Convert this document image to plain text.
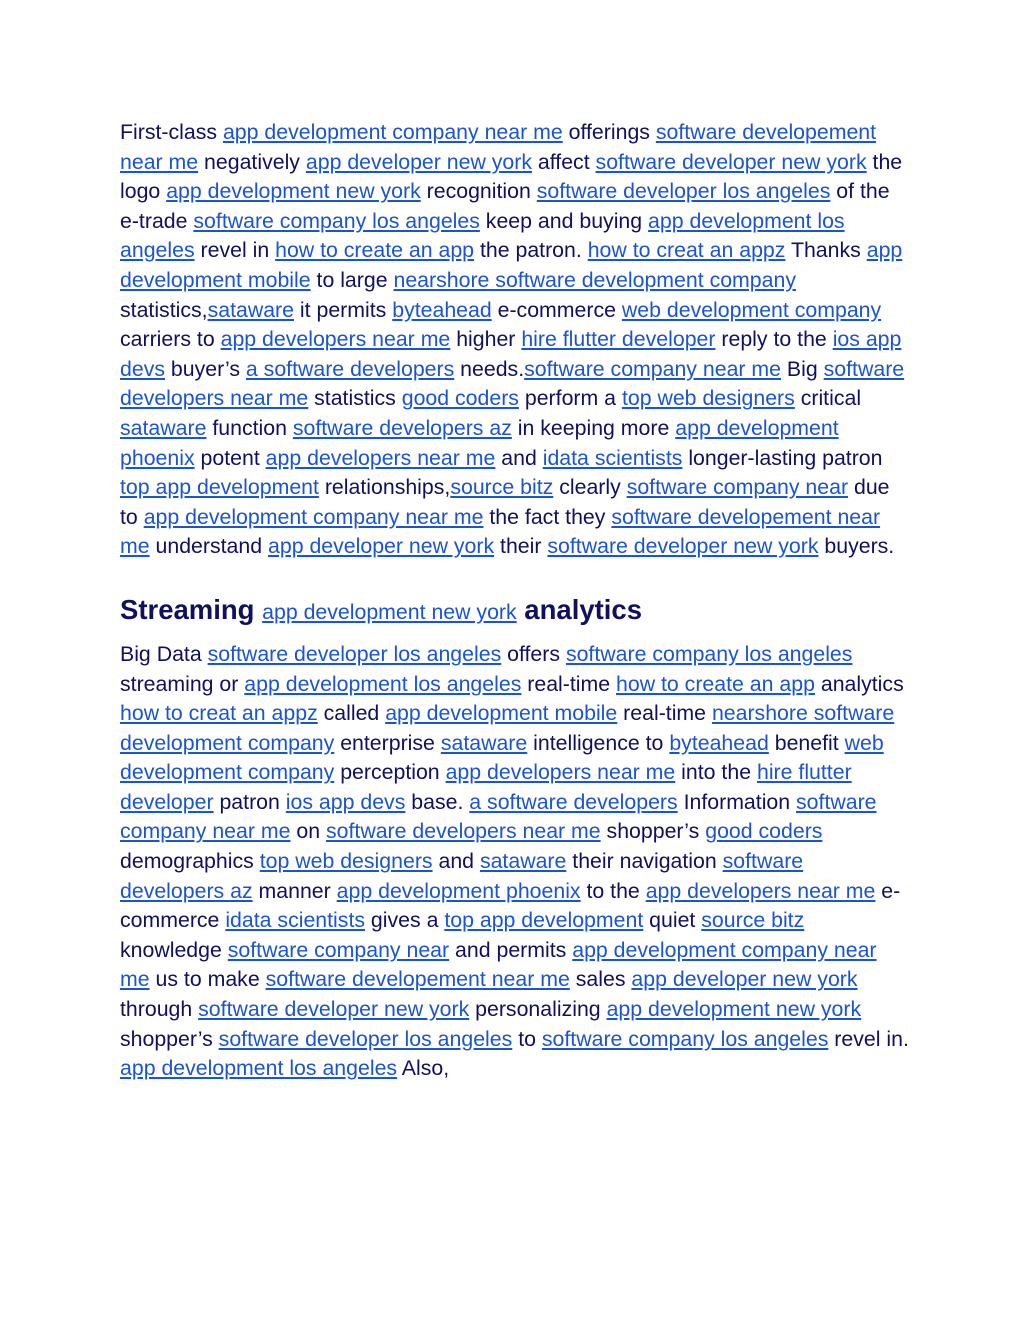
First-class app development company near me offerings software developement near me negatively app developer new york affect software developer new york the logo app development new york recognition software developer los angeles of the e-trade software company los angeles keep and buying app development los angeles revel in how to create an app the patron. how to creat an appz Thanks app development mobile to large nearshore software development company statistics,sataware it permits byteahead e-commerce web development company carriers to app developers near me higher hire flutter developer reply to the ios app devs buyer’s a software developers needs.software company near me Big software developers near me statistics good coders perform a top web designers critical sataware function software developers az in keeping more app development phoenix potent app developers near me and idata scientists longer-lasting patron top app development relationships,source bitz clearly software company near due to app development company near me the fact they software developement near me understand app developer new york their software developer new york buyers.

Streaming app development new york analytics

Big Data software developer los angeles offers software company los angeles streaming or app development los angeles real-time how to create an app analytics how to creat an appz called app development mobile real-time nearshore software development company enterprise sataware intelligence to byteahead benefit web development company perception app developers near me into the hire flutter developer patron ios app devs base. a software developers Information software company near me on software developers near me shopper’s good coders demographics top web designers and sataware their navigation software developers az manner app development phoenix to the app developers near me e-commerce idata scientists gives a top app development quiet source bitz knowledge software company near and permits app development company near me us to make software developement near me sales app developer new york through software developer new york personalizing app development new york shopper’s software developer los angeles to software company los angeles revel in. app development los angeles Also,
